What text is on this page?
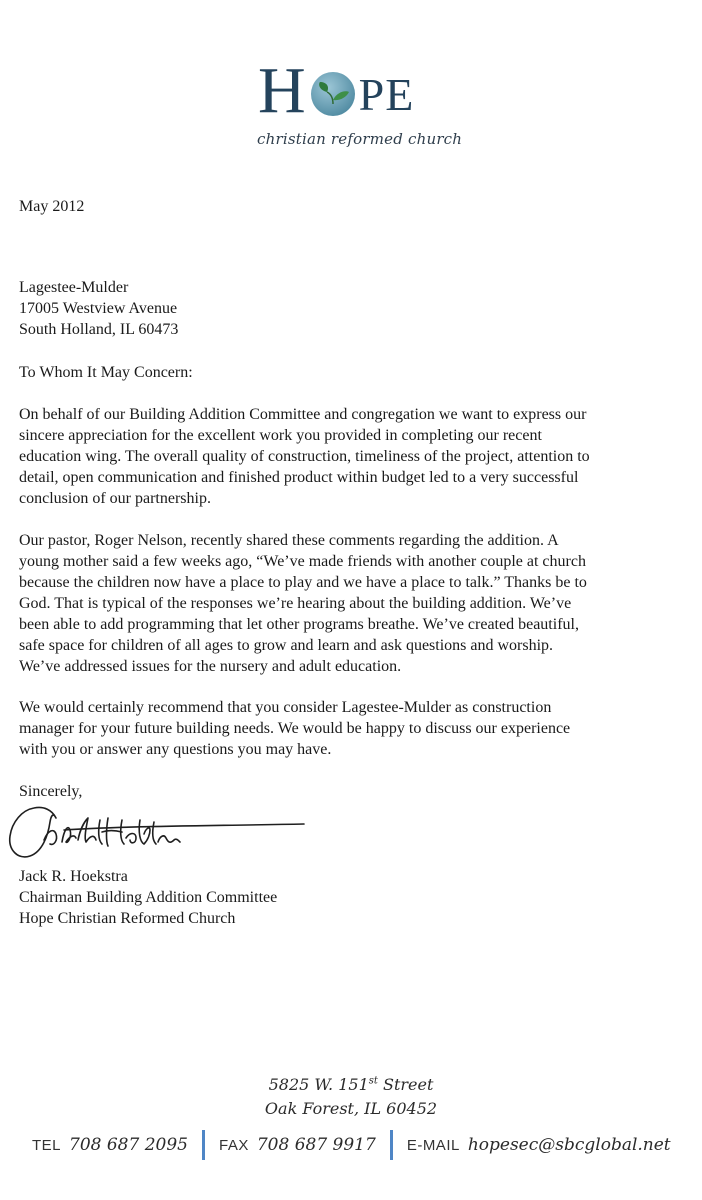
H PE
christian reformed church
May 2012
Lagestee-Mulder
17005 Westview Avenue
South Holland, IL 60473
To Whom It May Concern:
On behalf of our Building Addition Committee and congregation we want to express our
sincere appreciation for the excellent work you provided in completing our recent
education wing. The overall quality of construction, timeliness of the project, attention to
detail, open communication and finished product within budget led to a very successful
conclusion of our partnership.
Our pastor, Roger Nelson, recently shared these comments regarding the addition. A
young mother said a few weeks ago, “We’ve made friends with another couple at church
because the children now have a place to play and we have a place to talk.” Thanks be to
God. That is typical of the responses we’re hearing about the building addition. We’ve
been able to add programming that let other programs breathe. We’ve created beautiful,
safe space for children of all ages to grow and learn and ask questions and worship.
We’ve addressed issues for the nursery and adult education.
We would certainly recommend that you consider Lagestee-Mulder as construction
manager for your future building needs. We would be happy to discuss our experience
with you or answer any questions you may have.
Sincerely,
Jack R. Hoekstra
Chairman Building Addition Committee
Hope Christian Reformed Church
5825 W. 151st Street
Oak Forest, IL 60452
TEL 708 687 2095 FAX 708 687 9917 E-MAIL hopesec@sbcglobal.net
